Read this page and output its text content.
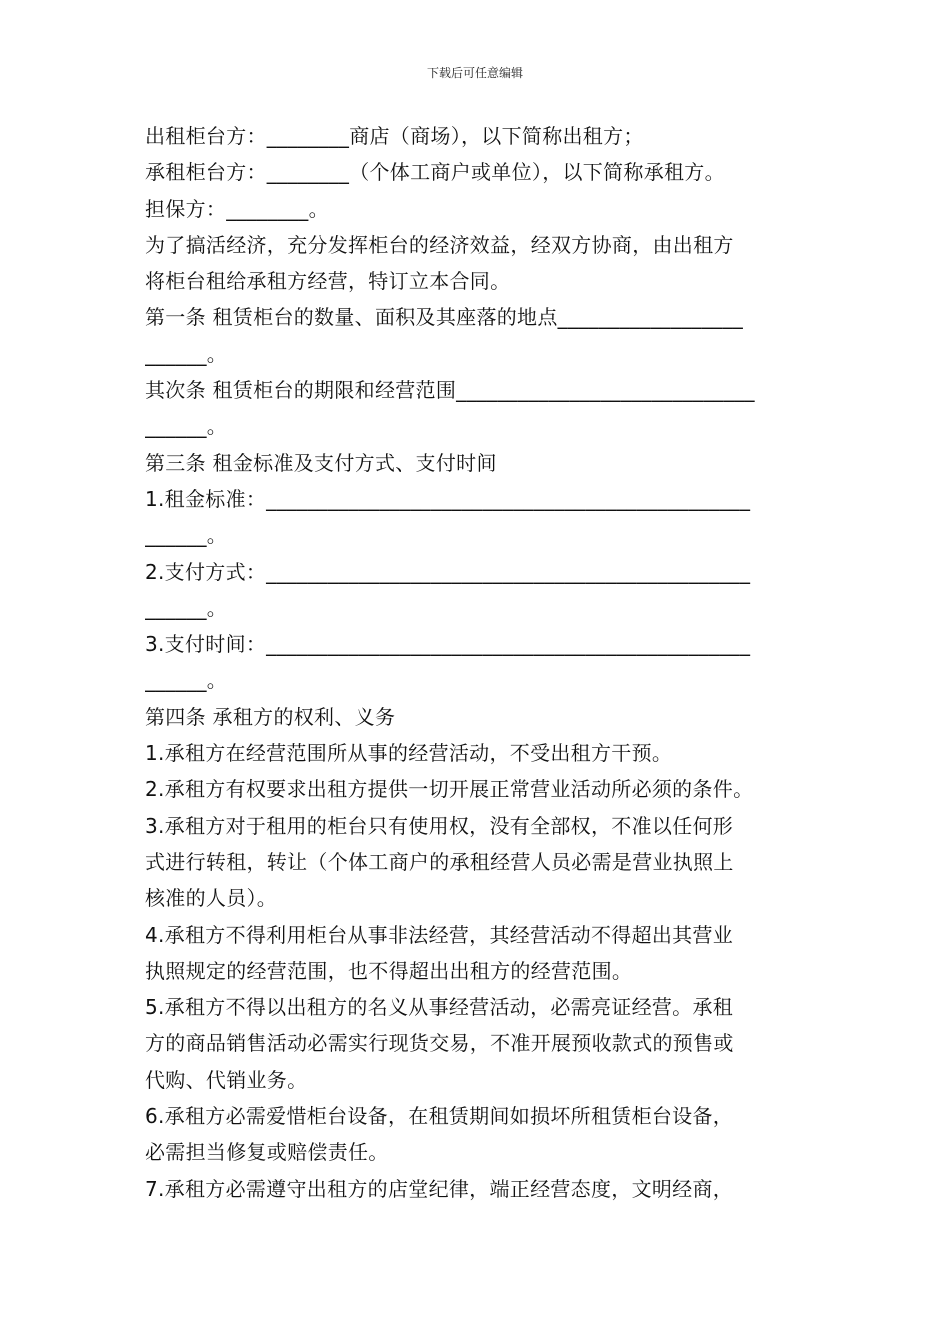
下载后可任意编辑
出租柜台方：________商店（商场），以下简称出租方；
承租柜台方：________（个体工商户或单位），以下简称承租方。
担保方：________。
为了搞活经济，充分发挥柜台的经济效益，经双方协商，由出租方
将柜台租给承租方经营，特订立本合同。
第一条 租赁柜台的数量、面积及其座落的地点__________________
______。
其次条 租赁柜台的期限和经营范围_____________________________
______。
第三条 租金标准及支付方式、支付时间
1.租金标准：_______________________________________________
______。
2.支付方式：_______________________________________________
______。
3.支付时间：_______________________________________________
______。
第四条 承租方的权利、义务
1.承租方在经营范围所从事的经营活动，不受出租方干预。
2.承租方有权要求出租方提供一切开展正常营业活动所必须的条件。
3.承租方对于租用的柜台只有使用权，没有全部权，不准以任何形
式进行转租，转让（个体工商户的承租经营人员必需是营业执照上
核准的人员）。
4.承租方不得利用柜台从事非法经营，其经营活动不得超出其营业
执照规定的经营范围，也不得超出出租方的经营范围。
5.承租方不得以出租方的名义从事经营活动，必需亮证经营。承租
方的商品销售活动必需实行现货交易，不准开展预收款式的预售或
代购、代销业务。
6.承租方必需爱惜柜台设备，在租赁期间如损坏所租赁柜台设备，
必需担当修复或赔偿责任。
7.承租方必需遵守出租方的店堂纪律，端正经营态度，文明经商，
